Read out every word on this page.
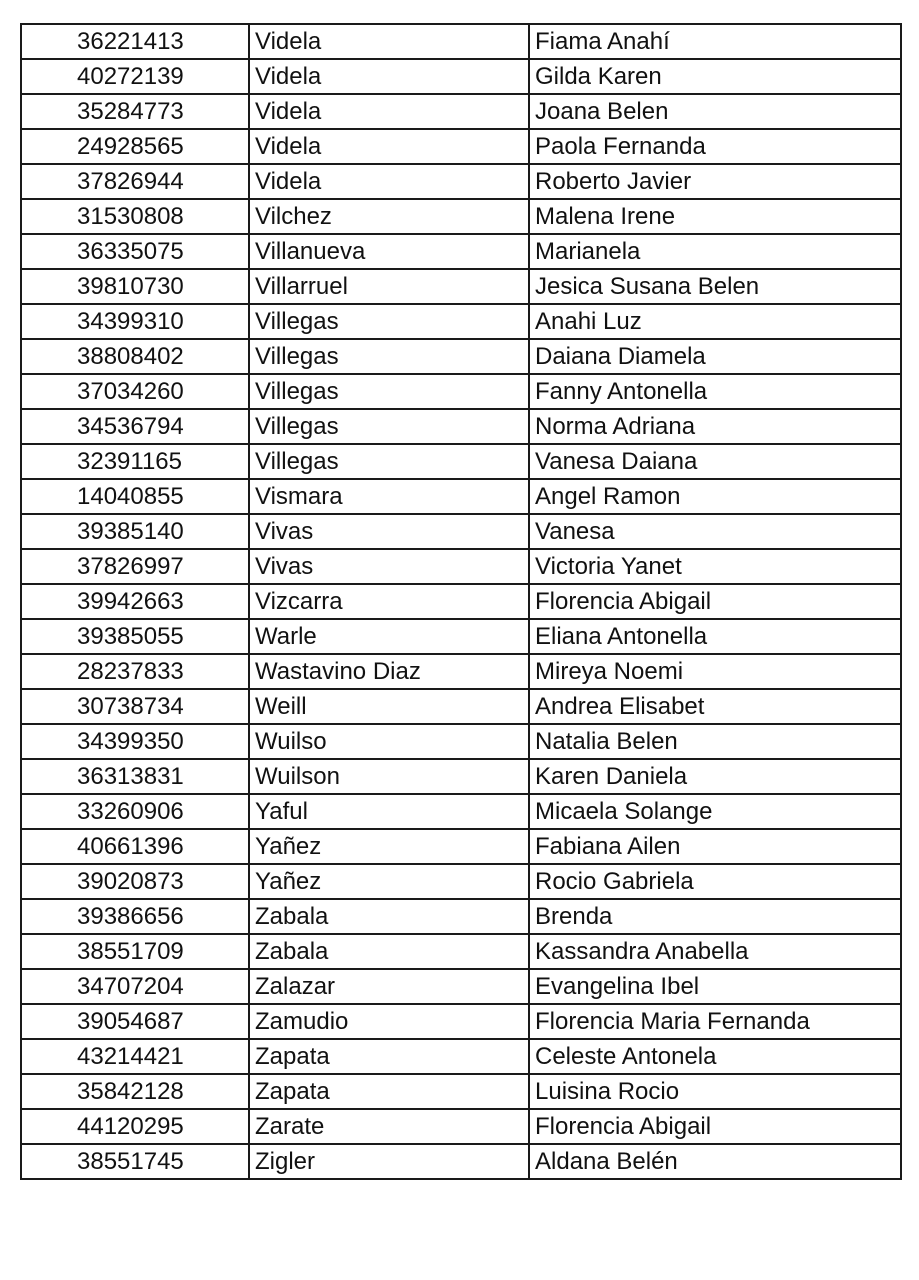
36221413	Videla	Fiama Anahí
40272139	Videla	Gilda Karen
35284773	Videla	Joana Belen
24928565	Videla	Paola Fernanda
37826944	Videla	Roberto Javier
31530808	Vilchez	Malena Irene
36335075	Villanueva	Marianela
39810730	Villarruel	Jesica Susana Belen
34399310	Villegas	Anahi Luz
38808402	Villegas	Daiana Diamela
37034260	Villegas	Fanny Antonella
34536794	Villegas	Norma Adriana
32391165	Villegas	Vanesa Daiana
14040855	Vismara	Angel Ramon
39385140	Vivas	Vanesa
37826997	Vivas	Victoria Yanet
39942663	Vizcarra	Florencia Abigail
39385055	Warle	Eliana Antonella
28237833	Wastavino Diaz	Mireya Noemi
30738734	Weill	Andrea Elisabet
34399350	Wuilso	Natalia Belen
36313831	Wuilson	Karen Daniela
33260906	Yaful	Micaela Solange
40661396	Yañez	Fabiana Ailen
39020873	Yañez	Rocio Gabriela
39386656	Zabala	Brenda
38551709	Zabala	Kassandra Anabella
34707204	Zalazar	Evangelina Ibel
39054687	Zamudio	Florencia Maria Fernanda
43214421	Zapata	Celeste Antonela
35842128	Zapata	Luisina Rocio
44120295	Zarate	Florencia Abigail
38551745	Zigler	Aldana Belén
